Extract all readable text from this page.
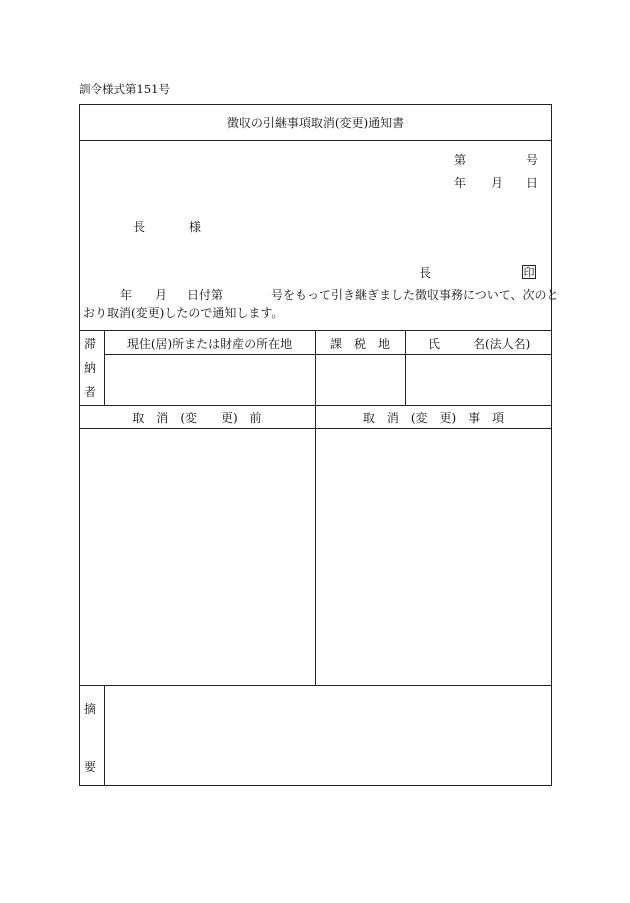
訓令様式第151号
徴収の引継事項取消(変更)通知書
第	号
年 月 日
長	様
長	印
年 月 日付第	号をもって引き継ぎました徴収事務について、次のと
おり取消(変更)したので通知します。
滞
納
者
現住(居)所または財産の所在地	課　税　地	氏	名(法人名)
取　消　(変　　更)　前	取　消　(変　更)　事　項
摘
要
